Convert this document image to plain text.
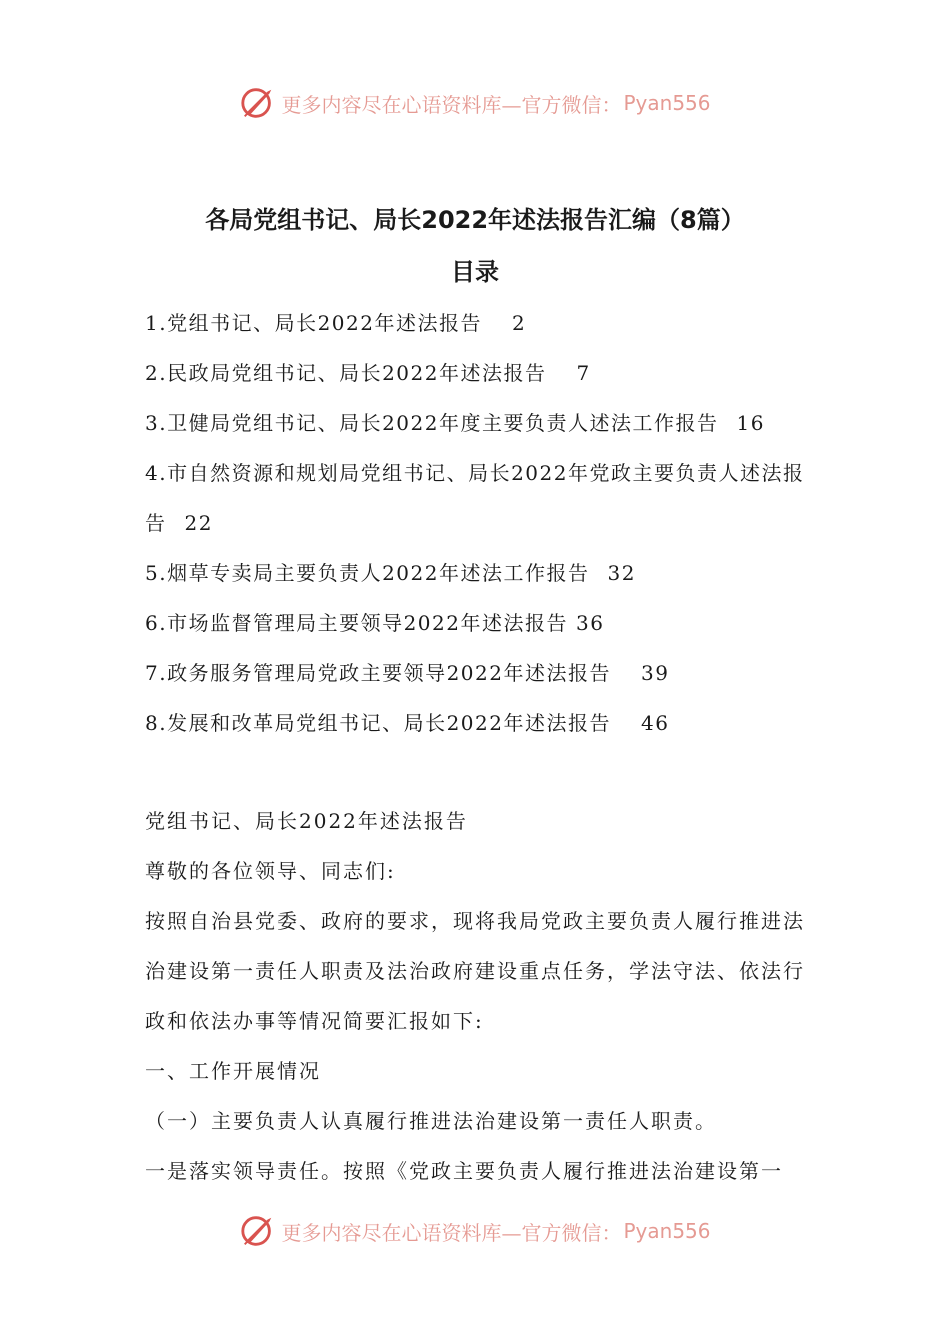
更多内容尽在心语资料库—官方微信： Pyan556
各局党组书记、局长2022年述法报告汇编（8篇）
目录
1.党组书记、局长2022年述法报告 2
2.民政局党组书记、局长2022年述法报告 7
3.卫健局党组书记、局长2022年度主要负责人述法工作报告 16
4.市自然资源和规划局党组书记、局长2022年党政主要负责人述法报告 22
5.烟草专卖局主要负责人2022年述法工作报告 32
6.市场监督管理局主要领导2022年述法报告 36
7.政务服务管理局党政主要领导2022年述法报告 39
8.发展和改革局党组书记、局长2022年述法报告 46

党组书记、局长2022年述法报告

尊敬的各位领导、同志们:

按照自治县党委、政府的要求，现将我局党政主要负责人履行推进法治建设第一责任人职责及法治政府建设重点任务，学法守法、依法行政和依法办事等情况简要汇报如下:

一、工作开展情况

（一）主要负责人认真履行推进法治建设第一责任人职责。

一是落实领导责任。按照《党政主要负责人履行推进法治建设第一

更多内容尽在心语资料库—官方微信： Pyan556
